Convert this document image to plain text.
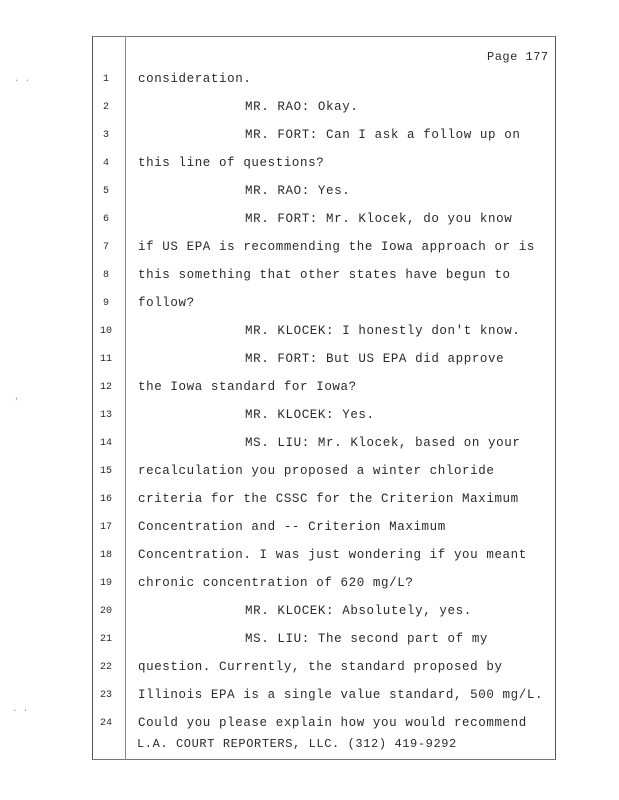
· ·
‚
· ·
Page 177
1	consideration.
2	MR. RAO: Okay.
3	MR. FORT: Can I ask a follow up on
4	this line of questions?
5	MR. RAO: Yes.
6	MR. FORT: Mr. Klocek, do you know
7	if US EPA is recommending the Iowa approach or is
8	this something that other states have begun to
9	follow?
10	MR. KLOCEK: I honestly don't know.
11	MR. FORT: But US EPA did approve
12	the Iowa standard for Iowa?
13	MR. KLOCEK: Yes.
14	MS. LIU: Mr. Klocek, based on your
15	recalculation you proposed a winter chloride
16	criteria for the CSSC for the Criterion Maximum
17	Concentration and -- Criterion Maximum
18	Concentration. I was just wondering if you meant
19	chronic concentration of 620 mg/L?
20	MR. KLOCEK: Absolutely, yes.
21	MS. LIU: The second part of my
22	question. Currently, the standard proposed by
23	Illinois EPA is a single value standard, 500 mg/L.
24	Could you please explain how you would recommend
L.A. COURT REPORTERS, LLC. (312) 419-9292
